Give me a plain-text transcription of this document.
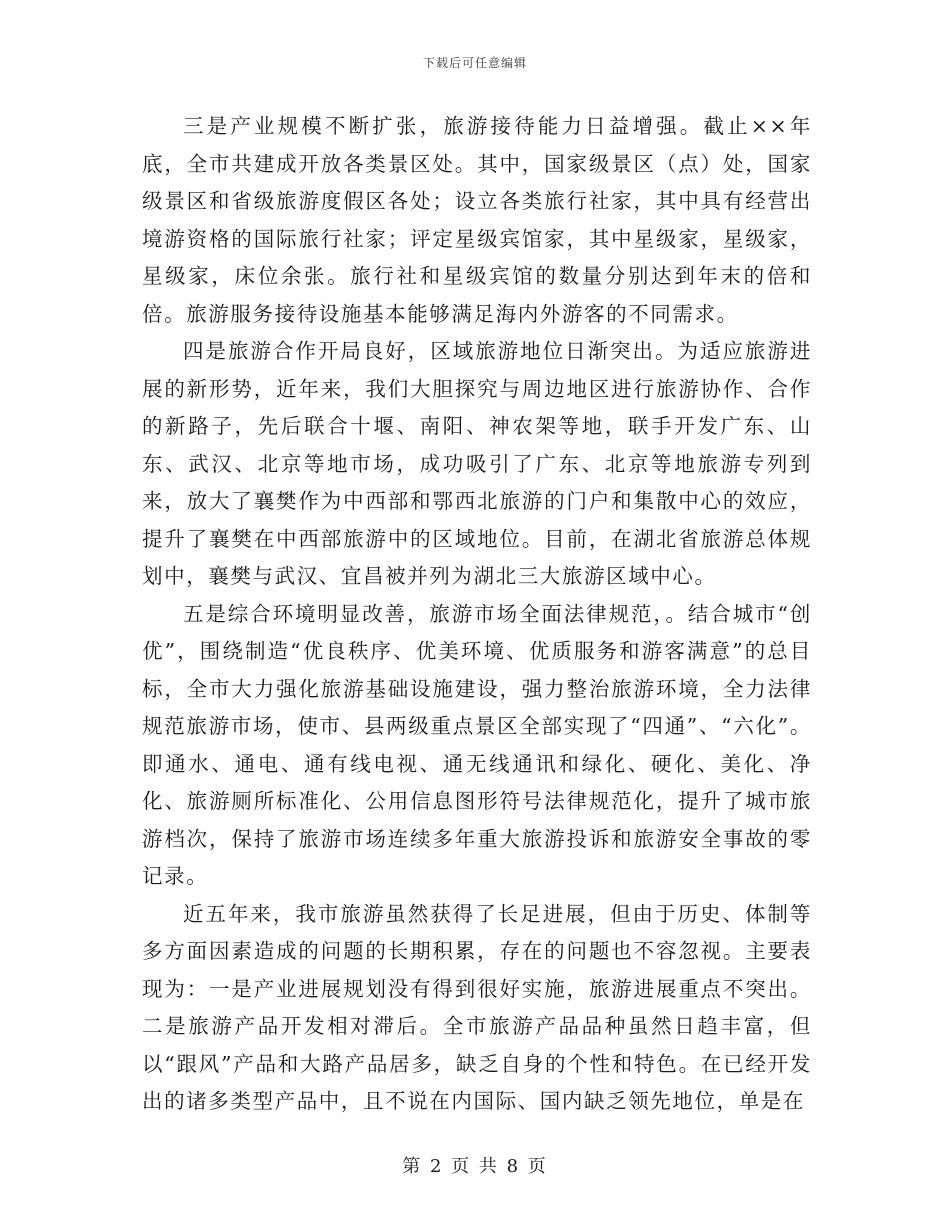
下载后可任意编辑

三是产业规模不断扩张，旅游接待能力日益增强。截止××年底，全市共建成开放各类景区处。其中，国家级景区（点）处，国家级景区和省级旅游度假区各处；设立各类旅行社家，其中具有经营出境游资格的国际旅行社家；评定星级宾馆家，其中星级家，星级家，星级家，床位余张。旅行社和星级宾馆的数量分别达到年末的倍和倍。旅游服务接待设施基本能够满足海内外游客的不同需求。

四是旅游合作开局良好，区域旅游地位日渐突出。为适应旅游进展的新形势，近年来，我们大胆探究与周边地区进行旅游协作、合作的新路子，先后联合十堰、南阳、神农架等地，联手开发广东、山东、武汉、北京等地市场，成功吸引了广东、北京等地旅游专列到来，放大了襄樊作为中西部和鄂西北旅游的门户和集散中心的效应，提升了襄樊在中西部旅游中的区域地位。目前，在湖北省旅游总体规划中，襄樊与武汉、宜昌被并列为湖北三大旅游区域中心。

五是综合环境明显改善，旅游市场全面法律规范，。结合城市“创优”，围绕制造“优良秩序、优美环境、优质服务和游客满意”的总目标，全市大力强化旅游基础设施建设，强力整治旅游环境，全力法律规范旅游市场，使市、县两级重点景区全部实现了“四通”、“六化”。即通水、通电、通有线电视、通无线通讯和绿化、硬化、美化、净化、旅游厕所标准化、公用信息图形符号法律规范化，提升了城市旅游档次，保持了旅游市场连续多年重大旅游投诉和旅游安全事故的零记录。

近五年来，我市旅游虽然获得了长足进展，但由于历史、体制等多方面因素造成的问题的长期积累，存在的问题也不容忽视。主要表现为：一是产业进展规划没有得到很好实施，旅游进展重点不突出。二是旅游产品开发相对滞后。全市旅游产品品种虽然日趋丰富，但以“跟风”产品和大路产品居多，缺乏自身的个性和特色。在已经开发出的诸多类型产品中，且不说在内国际、国内缺乏领先地位，单是在

第 2 页 共 8 页
